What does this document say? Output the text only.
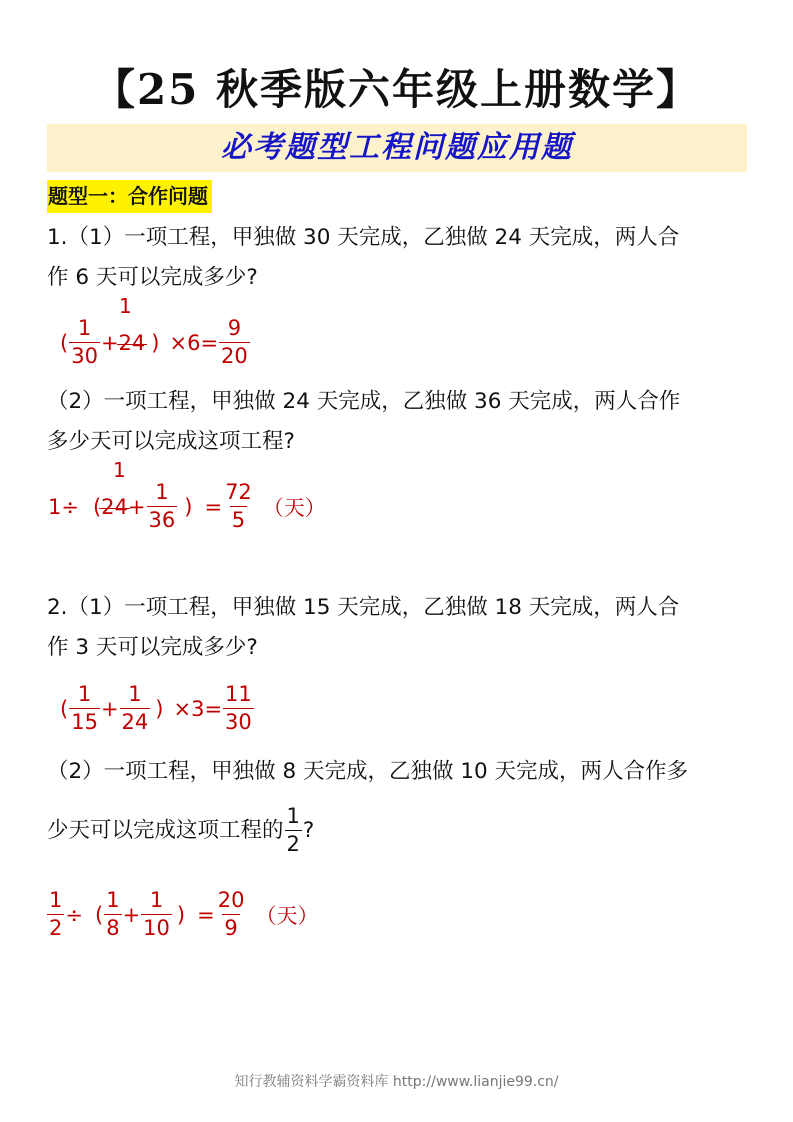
【25 秋季版六年级上册数学】
必考题型工程问题应用题
题型一：合作问题
1.（1）一项工程，甲独做 30 天完成，乙独做 24 天完成，两人合
作 6 天可以完成多少?
( $\frac{1}{30} + 24$ ) $\times 6= \frac{9}{20}$
1
（2）一项工程，甲独做 24 天完成，乙独做 36 天完成，两人合作
多少天可以完成这项工程?
1÷ ( $24 + \frac{1}{36}$ ) = $\frac{72}{5}$ （天）
1
2.（1）一项工程，甲独做 15 天完成，乙独做 18 天完成，两人合
作 3 天可以完成多少?
( $\frac{1}{15} + \frac{1}{24}$ ) $\times 3= \frac{11}{30}$
（2）一项工程，甲独做 8 天完成，乙独做 10 天完成，两人合作多
少天可以完成这项工程的 $\frac{1}{2}$ ?
$\frac{1}{2}$ ÷ ( $\frac{1}{8} + \frac{1}{10}$ ) = $\frac{20}{9}$ （天）
知行教辅资料学霸资料库 http://www.lianjie99.cn/
